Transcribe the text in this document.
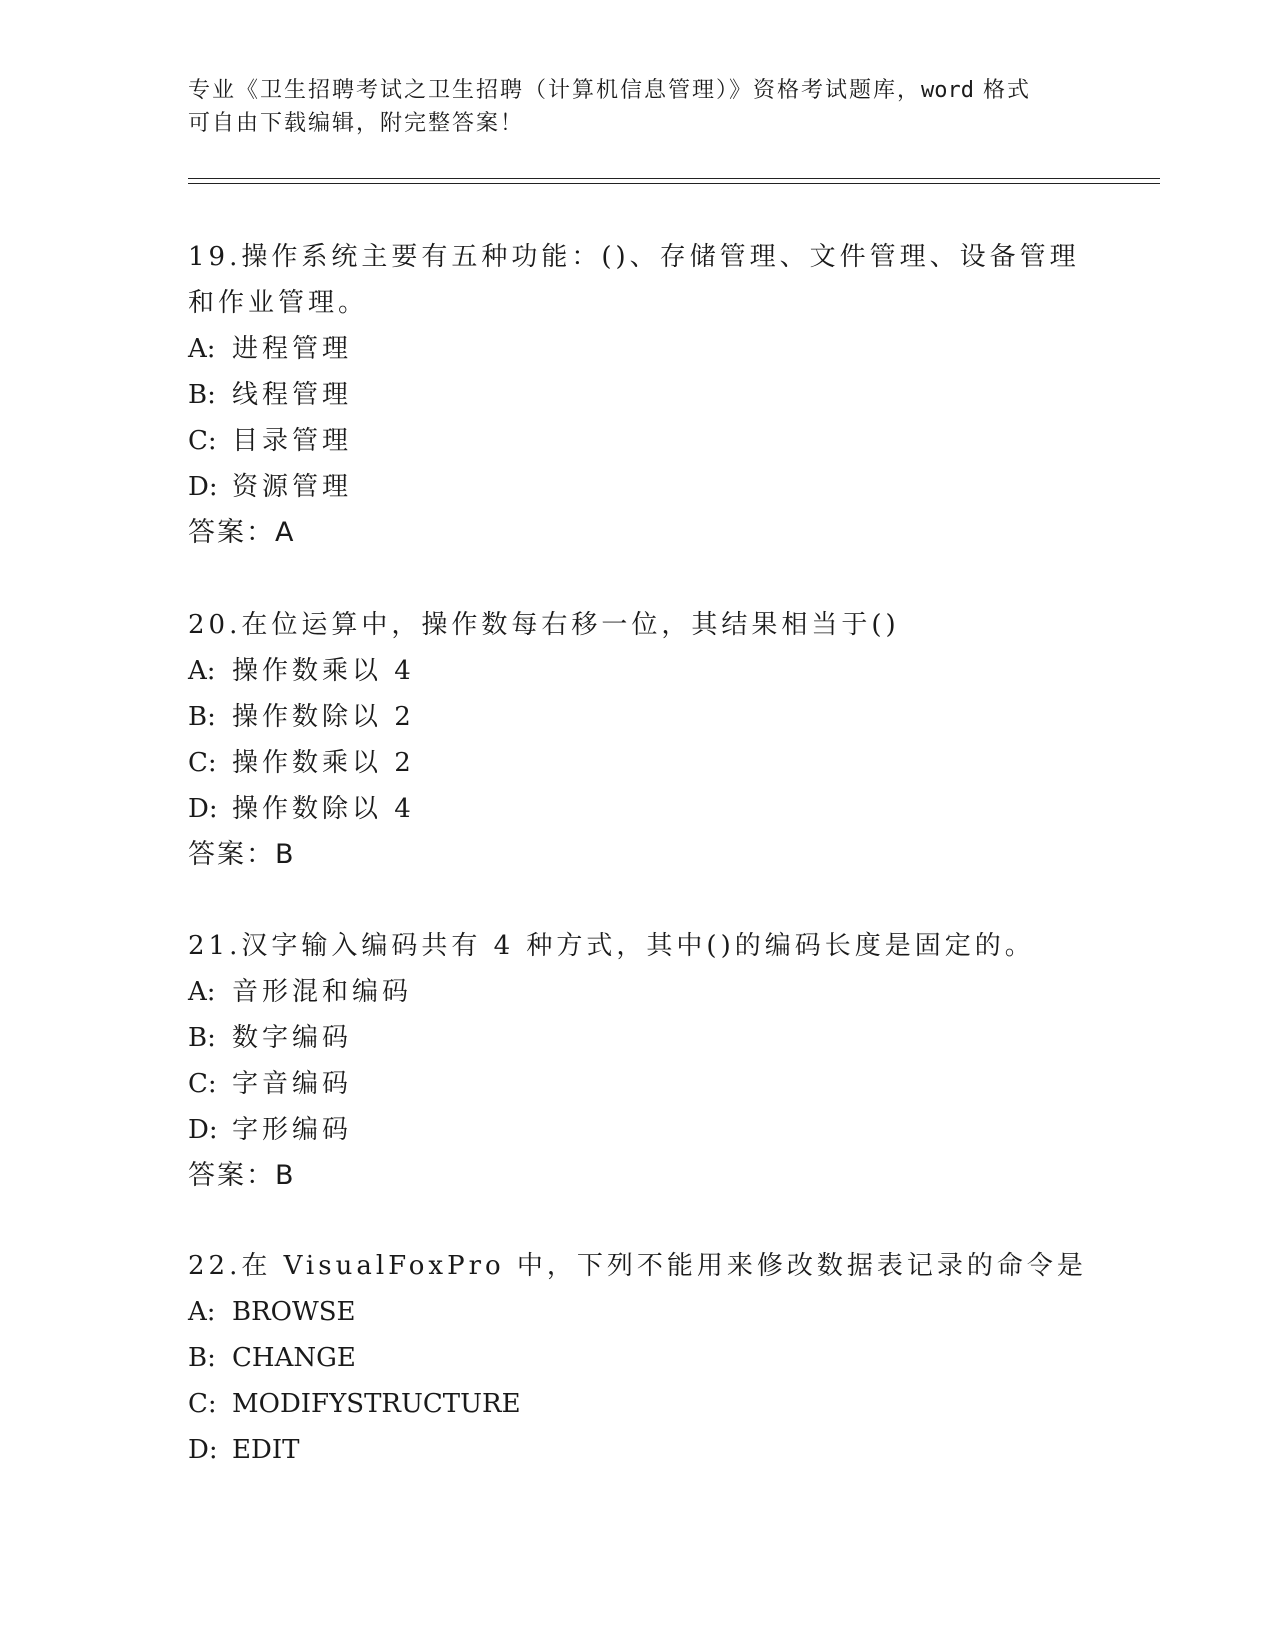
专业《卫生招聘考试之卫生招聘（计算机信息管理）》资格考试题库，word 格式
可自由下载编辑，附完整答案！

19.操作系统主要有五种功能：()、存储管理、文件管理、设备管理和作业管理。

A: 进程管理
B: 线程管理
C: 目录管理
D: 资源管理

答案：A

20.在位运算中，操作数每右移一位，其结果相当于()

A: 操作数乘以 4
B: 操作数除以 2
C: 操作数乘以 2
D: 操作数除以 4

答案：B

21.汉字输入编码共有 4 种方式，其中()的编码长度是固定的。

A: 音形混和编码
B: 数字编码
C: 字音编码
D: 字形编码

答案：B

22.在 VisualFoxPro 中，下列不能用来修改数据表记录的命令是

A: BROWSE
B: CHANGE
C: MODIFYSTRUCTURE
D: EDIT
